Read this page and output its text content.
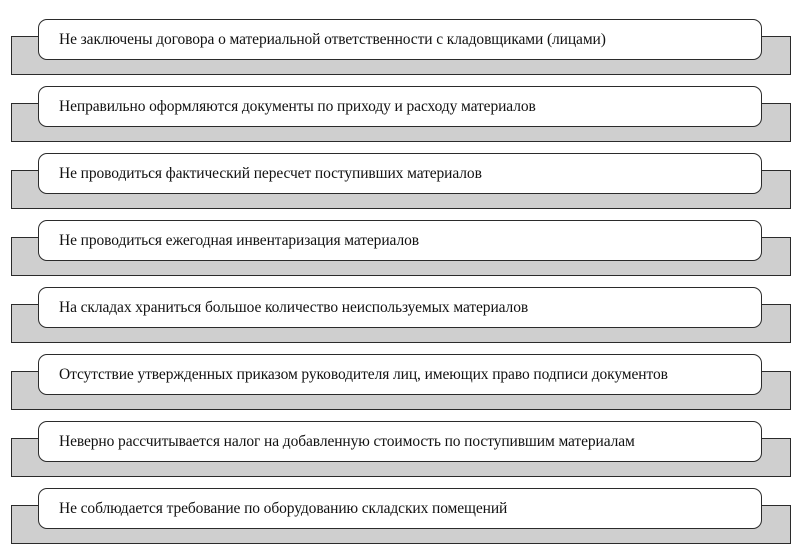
Не заключены договора о материальной ответственности с кладовщиками (лицами)
Неправильно оформляются документы по приходу и расходу материалов
Не проводиться фактический пересчет поступивших материалов
Не проводиться ежегодная инвентаризация материалов
На складах храниться большое количество неиспользуемых материалов
Отсутствие утвержденных приказом руководителя лиц, имеющих право подписи документов
Неверно рассчитывается налог на добавленную стоимость по поступившим материалам
Не соблюдается требование по оборудованию складских помещений
